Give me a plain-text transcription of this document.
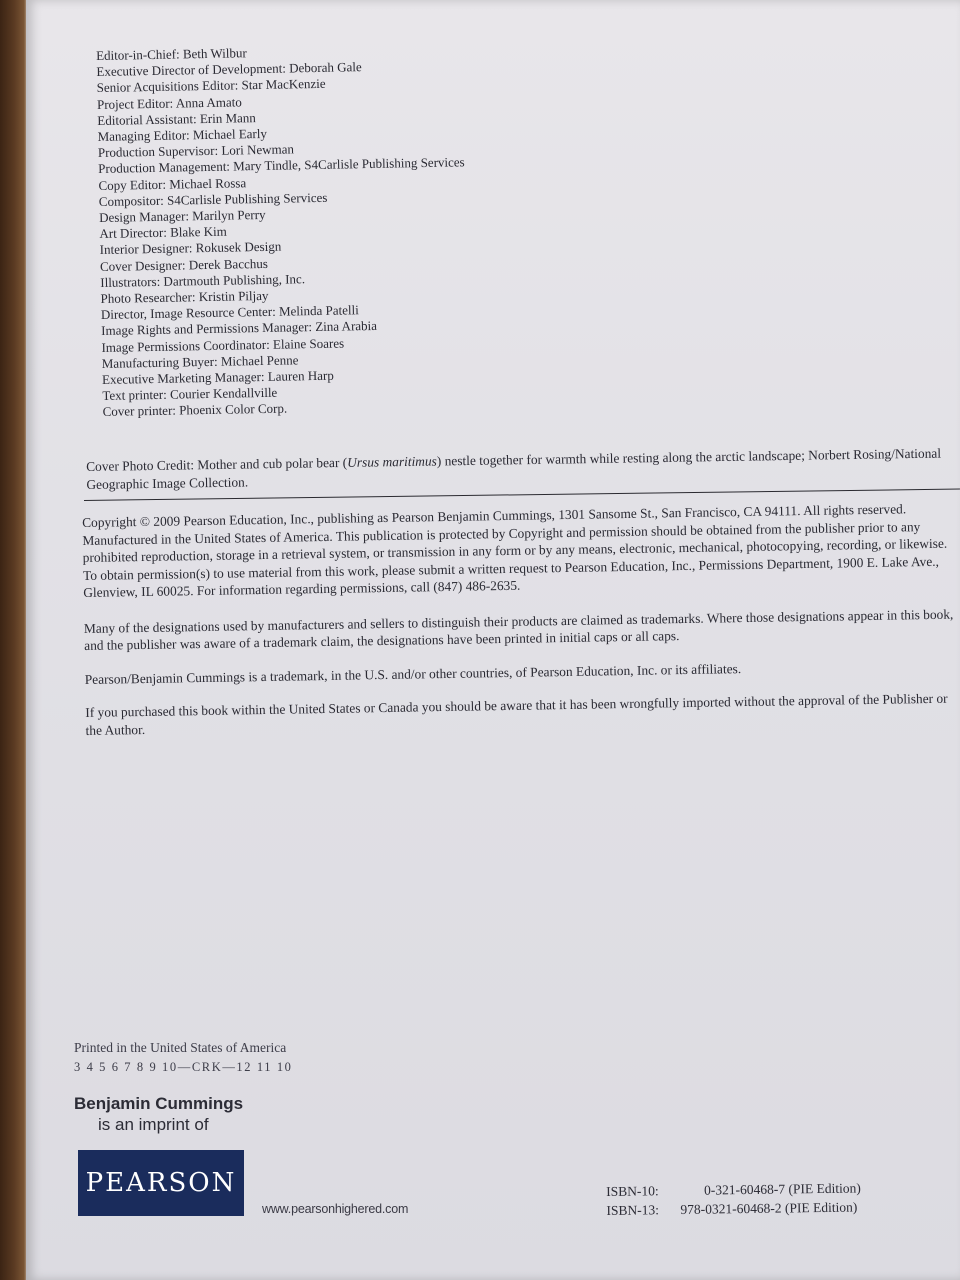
Editor-in-Chief: Beth Wilbur
Executive Director of Development: Deborah Gale
Senior Acquisitions Editor: Star MacKenzie
Project Editor: Anna Amato
Editorial Assistant: Erin Mann
Managing Editor: Michael Early
Production Supervisor: Lori Newman
Production Management: Mary Tindle, S4Carlisle Publishing Services
Copy Editor: Michael Rossa
Compositor: S4Carlisle Publishing Services
Design Manager: Marilyn Perry
Art Director: Blake Kim
Interior Designer: Rokusek Design
Cover Designer: Derek Bacchus
Illustrators: Dartmouth Publishing, Inc.
Photo Researcher: Kristin Piljay
Director, Image Resource Center: Melinda Patelli
Image Rights and Permissions Manager: Zina Arabia
Image Permissions Coordinator: Elaine Soares
Manufacturing Buyer: Michael Penne
Executive Marketing Manager: Lauren Harp
Text printer: Courier Kendallville
Cover printer: Phoenix Color Corp.
Cover Photo Credit: Mother and cub polar bear (Ursus maritimus) nestle together for warmth while resting along the arctic landscape; Norbert Rosing/National Geographic Image Collection.

Copyright © 2009 Pearson Education, Inc., publishing as Pearson Benjamin Cummings, 1301 Sansome St., San Francisco, CA 94111. All rights reserved. Manufactured in the United States of America. This publication is protected by Copyright and permission should be obtained from the publisher prior to any prohibited reproduction, storage in a retrieval system, or transmission in any form or by any means, electronic, mechanical, photocopying, recording, or likewise. To obtain permission(s) to use material from this work, please submit a written request to Pearson Education, Inc., Permissions Department, 1900 E. Lake Ave., Glenview, IL 60025. For information regarding permissions, call (847) 486-2635.

Many of the designations used by manufacturers and sellers to distinguish their products are claimed as trademarks. Where those designations appear in this book, and the publisher was aware of a trademark claim, the designations have been printed in initial caps or all caps.

Pearson/Benjamin Cummings is a trademark, in the U.S. and/or other countries, of Pearson Education, Inc. or its affiliates.

If you purchased this book within the United States or Canada you should be aware that it has been wrongfully imported without the approval of the Publisher or the Author.

Printed in the United States of America
3 4 5 6 7 8 9 10—CRK—12 11 10
Benjamin Cummings
is an imprint of
PEARSON
www.pearsonhighered.com
ISBN-10:	0-321-60468-7 (PIE Edition)
ISBN-13:	978-0321-60468-2 (PIE Edition)
